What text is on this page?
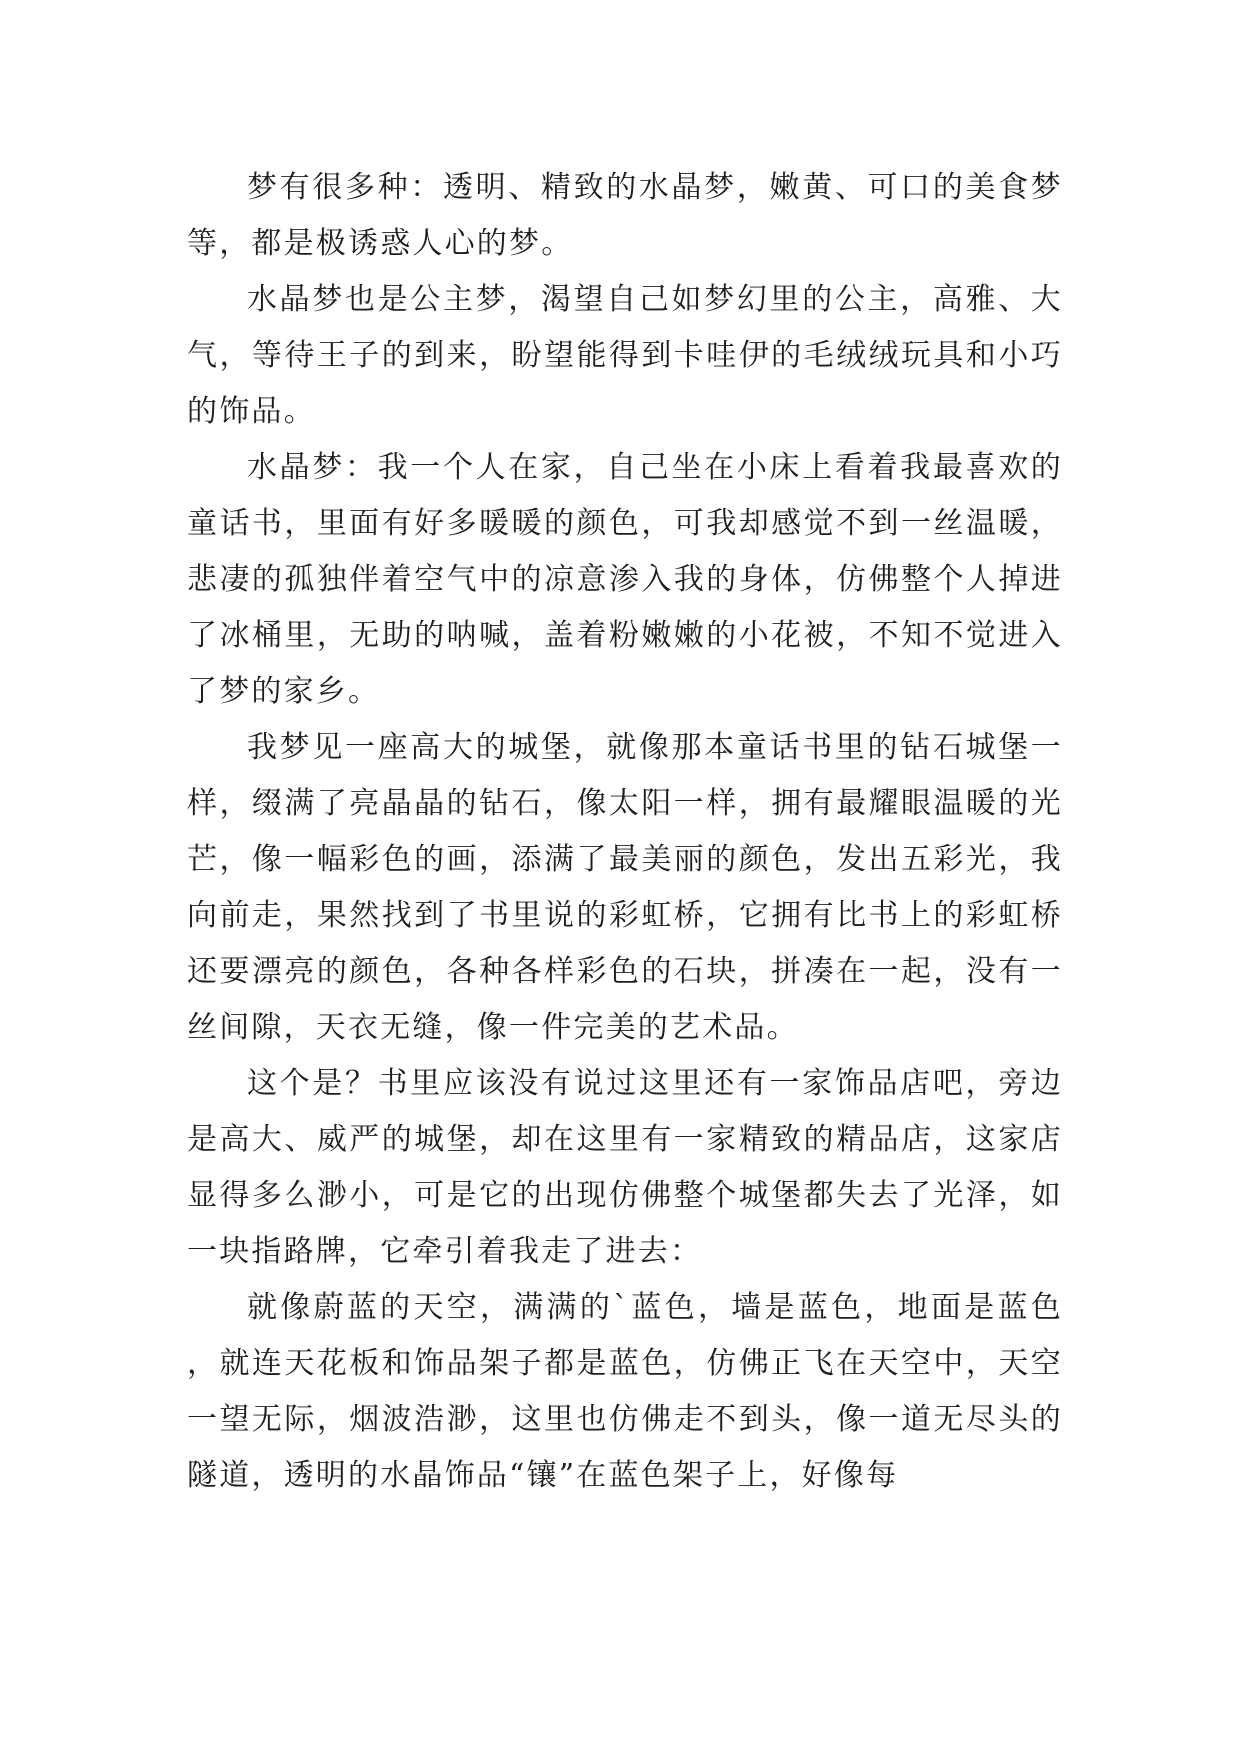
梦有很多种：透明、精致的水晶梦，嫩黄、可口的美食梦等，都是极诱惑人心的梦。

水晶梦也是公主梦，渴望自己如梦幻里的公主，高雅、大气，等待王子的到来，盼望能得到卡哇伊的毛绒绒玩具和小巧的饰品。

水晶梦：我一个人在家，自己坐在小床上看着我最喜欢的童话书，里面有好多暖暖的颜色，可我却感觉不到一丝温暖，悲凄的孤独伴着空气中的凉意渗入我的身体，仿佛整个人掉进了冰桶里，无助的呐喊，盖着粉嫩嫩的小花被，不知不觉进入了梦的家乡。

我梦见一座高大的城堡，就像那本童话书里的钻石城堡一样，缀满了亮晶晶的钻石，像太阳一样，拥有最耀眼温暖的光芒，像一幅彩色的画，添满了最美丽的颜色，发出五彩光，我向前走，果然找到了书里说的彩虹桥，它拥有比书上的彩虹桥还要漂亮的颜色，各种各样彩色的石块，拼凑在一起，没有一丝间隙，天衣无缝，像一件完美的艺术品。

这个是？书里应该没有说过这里还有一家饰品店吧，旁边是高大、威严的城堡，却在这里有一家精致的精品店，这家店显得多么渺小，可是它的出现仿佛整个城堡都失去了光泽，如一块指路牌，它牵引着我走了进去：

就像蔚蓝的天空，满满的`蓝色，墙是蓝色，地面是蓝色，就连天花板和饰品架子都是蓝色，仿佛正飞在天空中，天空一望无际，烟波浩渺，这里也仿佛走不到头，像一道无尽头的隧道，透明的水晶饰品“镶”在蓝色架子上，好像每
